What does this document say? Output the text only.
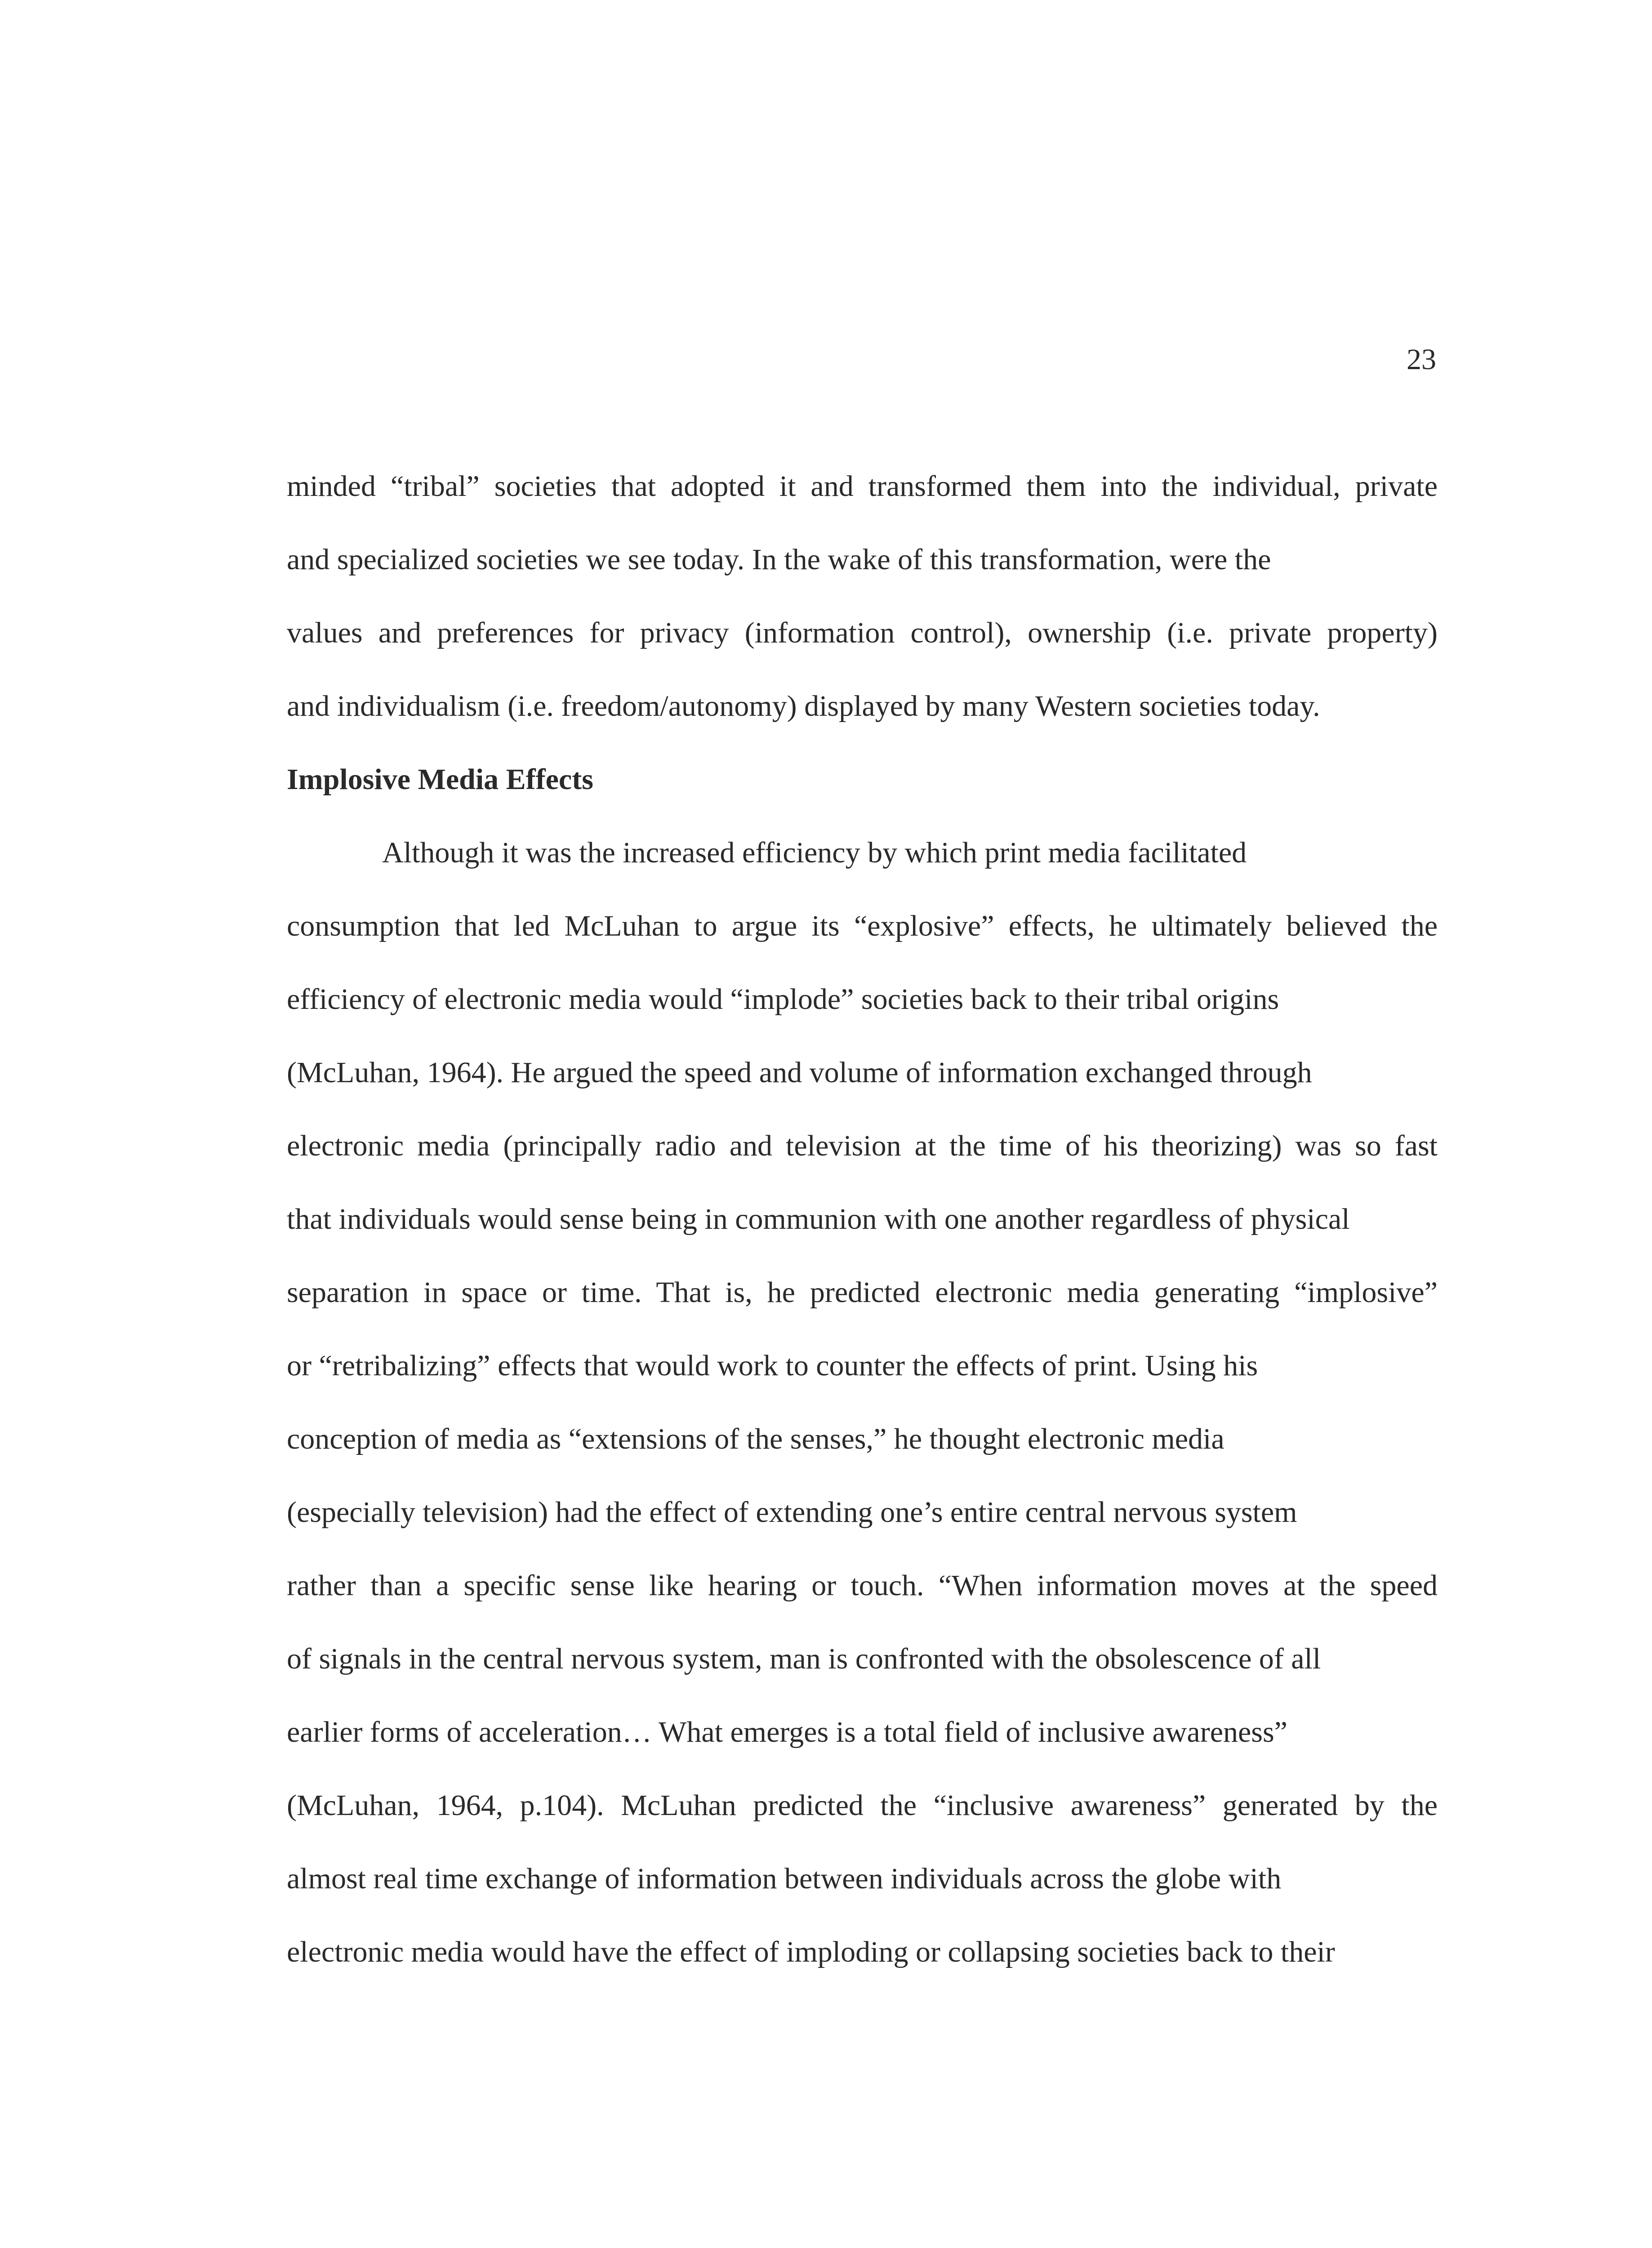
23
minded “tribal” societies that adopted it and transformed them into the individual, private
and specialized societies we see today. In the wake of this transformation, were the
values and preferences for privacy (information control), ownership (i.e. private property)
and individualism (i.e. freedom/autonomy) displayed by many Western societies today.
Implosive Media Effects
Although it was the increased efficiency by which print media facilitated
consumption that led McLuhan to argue its “explosive” effects, he ultimately believed the
efficiency of electronic media would “implode” societies back to their tribal origins
(McLuhan, 1964). He argued the speed and volume of information exchanged through
electronic media (principally radio and television at the time of his theorizing) was so fast
that individuals would sense being in communion with one another regardless of physical
separation in space or time. That is, he predicted electronic media generating “implosive”
or “retribalizing” effects that would work to counter the effects of print. Using his
conception of media as “extensions of the senses,” he thought electronic media
(especially television) had the effect of extending one’s entire central nervous system
rather than a specific sense like hearing or touch. “When information moves at the speed
of signals in the central nervous system, man is confronted with the obsolescence of all
earlier forms of acceleration… What emerges is a total field of inclusive awareness”
(McLuhan, 1964, p.104). McLuhan predicted the “inclusive awareness” generated by the
almost real time exchange of information between individuals across the globe with
electronic media would have the effect of imploding or collapsing societies back to their
